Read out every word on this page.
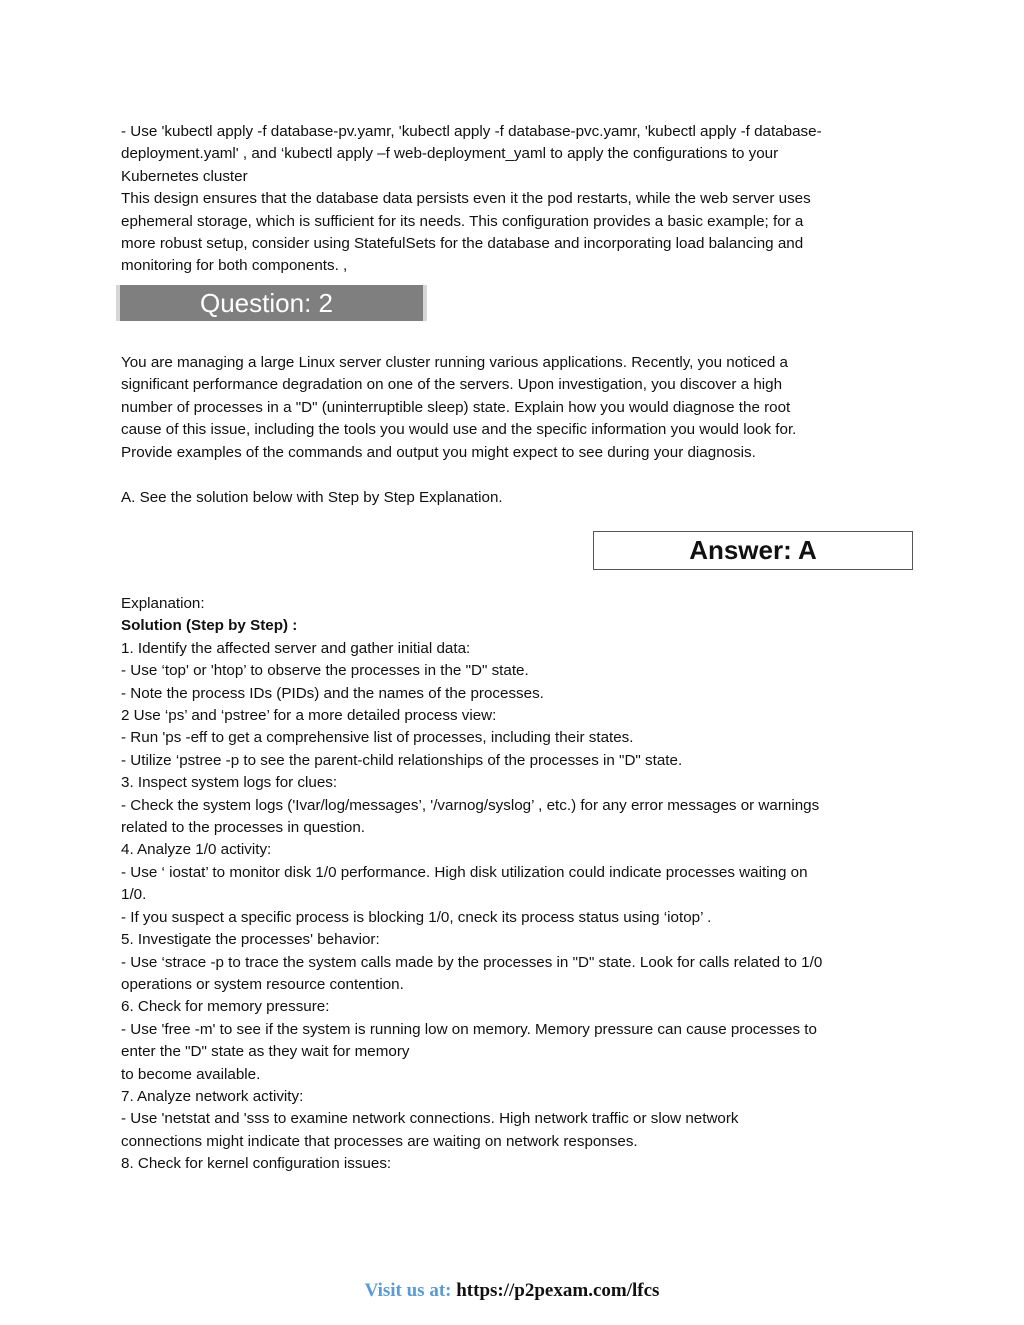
- Use 'kubectl apply -f database-pv.yamr, 'kubectl apply -f database-pvc.yamr, 'kubectl apply -f database-

deployment.yaml' , and ‘kubectl apply –f web-deployment_yaml to apply the configurations to your

Kubernetes cluster

This design ensures that the database data persists even it the pod restarts, while the web server uses

ephemeral storage, which is sufficient for its needs. This configuration provides a basic example; for a

more robust setup, consider using StatefulSets for the database and incorporating load balancing and

monitoring for both components. ,

Question: 2

You are managing a large Linux server cluster running various applications. Recently, you noticed a

significant performance degradation on one of the servers. Upon investigation, you discover a high

number of processes in a "D" (uninterruptible sleep) state. Explain how you would diagnose the root

cause of this issue, including the tools you would use and the specific information you would look for.

Provide examples of the commands and output you might expect to see during your diagnosis.

A. See the solution below with Step by Step Explanation.

Answer: A

Explanation:

Solution (Step by Step) :

1. Identify the affected server and gather initial data:

- Use ‘top' or 'htop’ to observe the processes in the "D" state.

- Note the process IDs (PIDs) and the names of the processes.

2 Use ‘ps’ and ‘pstree’ for a more detailed process view:

- Run 'ps -eff to get a comprehensive list of processes, including their states.

- Utilize ‘pstree -p to see the parent-child relationships of the processes in "D" state.

3. Inspect system logs for clues:

- Check the system logs ('Ivar/log/messages’, '/varnog/syslog’ , etc.) for any error messages or warnings

related to the processes in question.

4. Analyze 1/0 activity:

- Use ‘ iostat’ to monitor disk 1/0 performance. High disk utilization could indicate processes waiting on

1/0.

- If you suspect a specific process is blocking 1/0, cneck its process status using ‘iotop’ .

5. Investigate the processes' behavior:

- Use ‘strace -p to trace the system calls made by the processes in "D" state. Look for calls related to 1/0

operations or system resource contention.

6. Check for memory pressure:

- Use 'free -m' to see if the system is running low on memory. Memory pressure can cause processes to

enter the "D" state as they wait for memory

to become available.

7. Analyze network activity:

- Use 'netstat and 'sss to examine network connections. High network traffic or slow network

connections might indicate that processes are waiting on network responses.

8. Check for kernel configuration issues:

Visit us at: https://p2pexam.com/lfcs
